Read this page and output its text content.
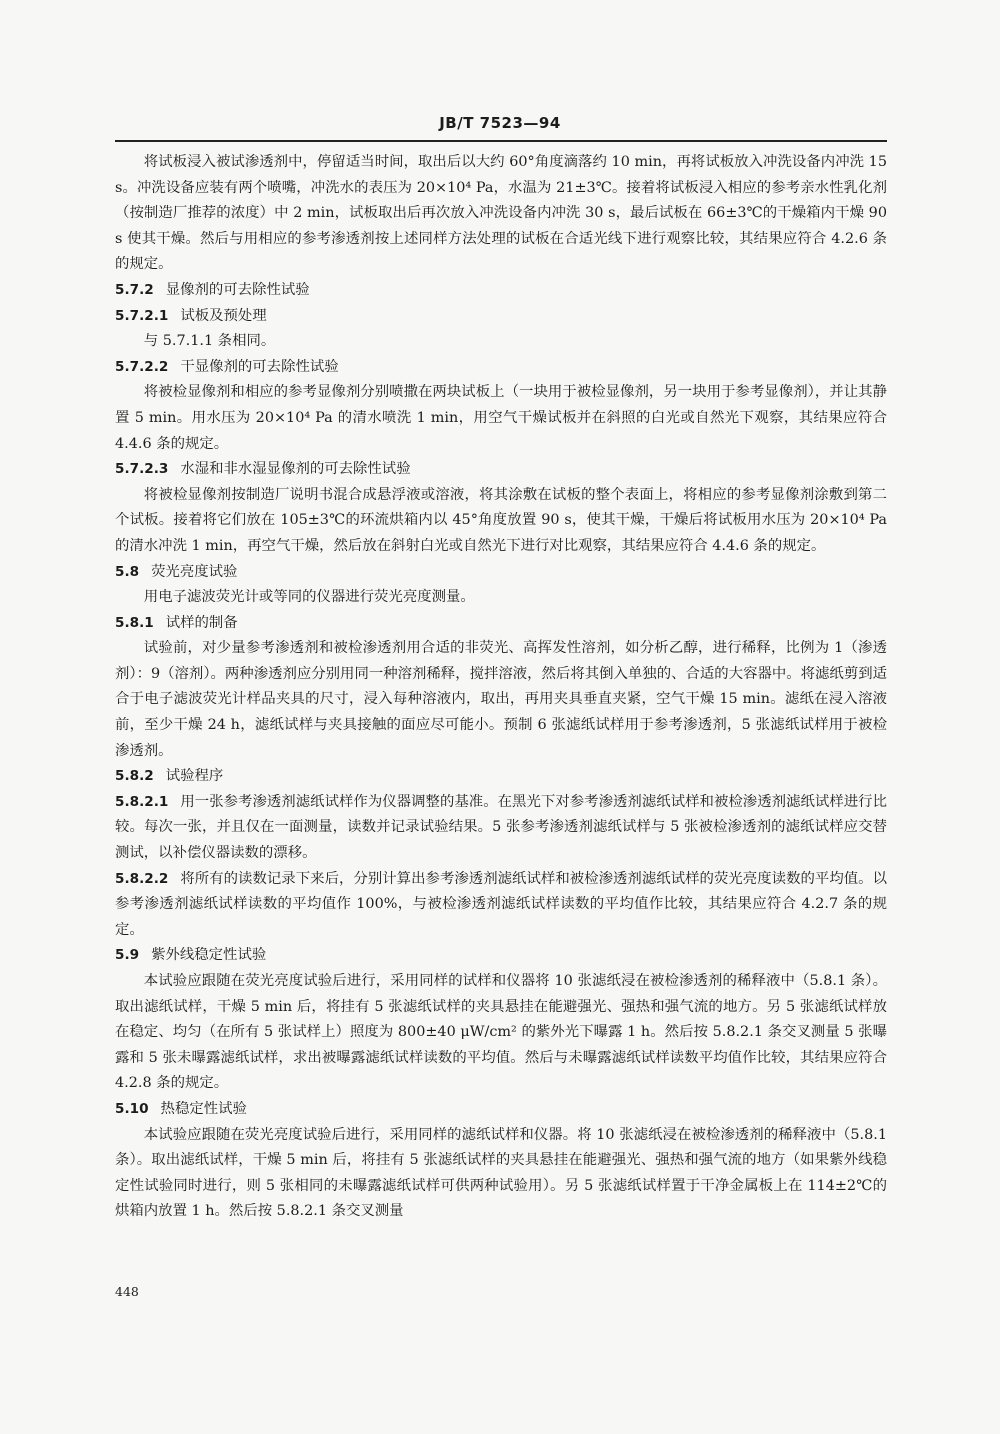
JB/T 7523—94

将试板浸入被试渗透剂中，停留适当时间，取出后以大约 60°角度滴落约 10 min，再将试板放入冲洗设备内冲洗 15 s。冲洗设备应装有两个喷嘴，冲洗水的表压为 20×10⁴ Pa，水温为 21±3℃。接着将试板浸入相应的参考亲水性乳化剂（按制造厂推荐的浓度）中 2 min，试板取出后再次放入冲洗设备内冲洗 30 s，最后试板在 66±3℃的干燥箱内干燥 90 s 使其干燥。然后与用相应的参考渗透剂按上述同样方法处理的试板在合适光线下进行观察比较，其结果应符合 4.2.6 条的规定。

5.7.2 显像剂的可去除性试验
5.7.2.1 试板及预处理

与 5.7.1.1 条相同。

5.7.2.2 干显像剂的可去除性试验

将被检显像剂和相应的参考显像剂分别喷撒在两块试板上（一块用于被检显像剂，另一块用于参考显像剂），并让其静置 5 min。用水压为 20×10⁴ Pa 的清水喷洗 1 min，用空气干燥试板并在斜照的白光或自然光下观察，其结果应符合 4.4.6 条的规定。

5.7.2.3 水湿和非水湿显像剂的可去除性试验

将被检显像剂按制造厂说明书混合成悬浮液或溶液，将其涂敷在试板的整个表面上，将相应的参考显像剂涂敷到第二个试板。接着将它们放在 105±3℃的环流烘箱内以 45°角度放置 90 s，使其干燥，干燥后将试板用水压为 20×10⁴ Pa 的清水冲洗 1 min，再空气干燥，然后放在斜射白光或自然光下进行对比观察，其结果应符合 4.4.6 条的规定。

5.8 荧光亮度试验

用电子滤波荧光计或等同的仪器进行荧光亮度测量。

5.8.1 试样的制备

试验前，对少量参考渗透剂和被检渗透剂用合适的非荧光、高挥发性溶剂，如分析乙醇，进行稀释，比例为 1（渗透剂）：9（溶剂）。两种渗透剂应分别用同一种溶剂稀释，搅拌溶液，然后将其倒入单独的、合适的大容器中。将滤纸剪到适合于电子滤波荧光计样品夹具的尺寸，浸入每种溶液内，取出，再用夹具垂直夹紧，空气干燥 15 min。滤纸在浸入溶液前，至少干燥 24 h，滤纸试样与夹具接触的面应尽可能小。预制 6 张滤纸试样用于参考渗透剂，5 张滤纸试样用于被检渗透剂。

5.8.2 试验程序
5.8.2.1 用一张参考渗透剂滤纸试样作为仪器调整的基准。在黑光下对参考渗透剂滤纸试样和被检渗透剂滤纸试样进行比较。每次一张，并且仅在一面测量，读数并记录试验结果。5 张参考渗透剂滤纸试样与 5 张被检渗透剂的滤纸试样应交替测试，以补偿仪器读数的漂移。
5.8.2.2 将所有的读数记录下来后，分别计算出参考渗透剂滤纸试样和被检渗透剂滤纸试样的荧光亮度读数的平均值。以参考渗透剂滤纸试样读数的平均值作 100%，与被检渗透剂滤纸试样读数的平均值作比较，其结果应符合 4.2.7 条的规定。
5.9 紫外线稳定性试验

本试验应跟随在荧光亮度试验后进行，采用同样的试样和仪器将 10 张滤纸浸在被检渗透剂的稀释液中（5.8.1 条）。取出滤纸试样，干燥 5 min 后，将挂有 5 张滤纸试样的夹具悬挂在能避强光、强热和强气流的地方。另 5 张滤纸试样放在稳定、均匀（在所有 5 张试样上）照度为 800±40 μW/cm² 的紫外光下曝露 1 h。然后按 5.8.2.1 条交叉测量 5 张曝露和 5 张未曝露滤纸试样，求出被曝露滤纸试样读数的平均值。然后与未曝露滤纸试样读数平均值作比较，其结果应符合 4.2.8 条的规定。

5.10 热稳定性试验

本试验应跟随在荧光亮度试验后进行，采用同样的滤纸试样和仪器。将 10 张滤纸浸在被检渗透剂的稀释液中（5.8.1 条）。取出滤纸试样，干燥 5 min 后，将挂有 5 张滤纸试样的夹具悬挂在能避强光、强热和强气流的地方（如果紫外线稳定性试验同时进行，则 5 张相同的未曝露滤纸试样可供两种试验用）。另 5 张滤纸试样置于干净金属板上在 114±2℃的烘箱内放置 1 h。然后按 5.8.2.1 条交叉测量

448
